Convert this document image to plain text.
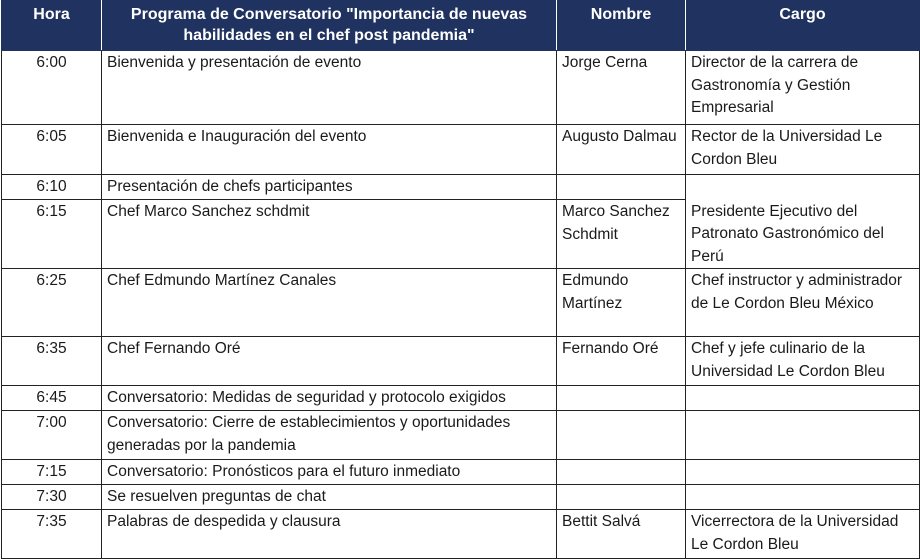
Hora	Programa de Conversatorio "Importancia de nuevas habilidades en el chef post pandemia"	Nombre	Cargo
6:00	Bienvenida y presentación de evento	Jorge Cerna	Director de la carrera de Gastronomía y Gestión Empresarial
6:05	Bienvenida e Inauguración del evento	Augusto Dalmau	Rector de la Universidad Le Cordon Bleu
6:10	Presentación de chefs participantes		
6:15	Chef Marco Sanchez schdmit	Marco Sanchez Schdmit	Presidente Ejecutivo del Patronato Gastronómico del Perú
6:25	Chef Edmundo Martínez Canales	Edmundo Martínez	Chef instructor y administrador de Le Cordon Bleu México
6:35	Chef Fernando Oré	Fernando Oré	Chef y jefe culinario de la Universidad Le Cordon Bleu
6:45	Conversatorio: Medidas de seguridad y protocolo exigidos		
7:00	Conversatorio: Cierre de establecimientos y oportunidades generadas por la pandemia		
7:15	Conversatorio: Pronósticos para el futuro inmediato		
7:30	Se resuelven preguntas de chat		
7:35	Palabras de despedida y clausura	Bettit Salvá	Vicerrectora de la Universidad Le Cordon Bleu
